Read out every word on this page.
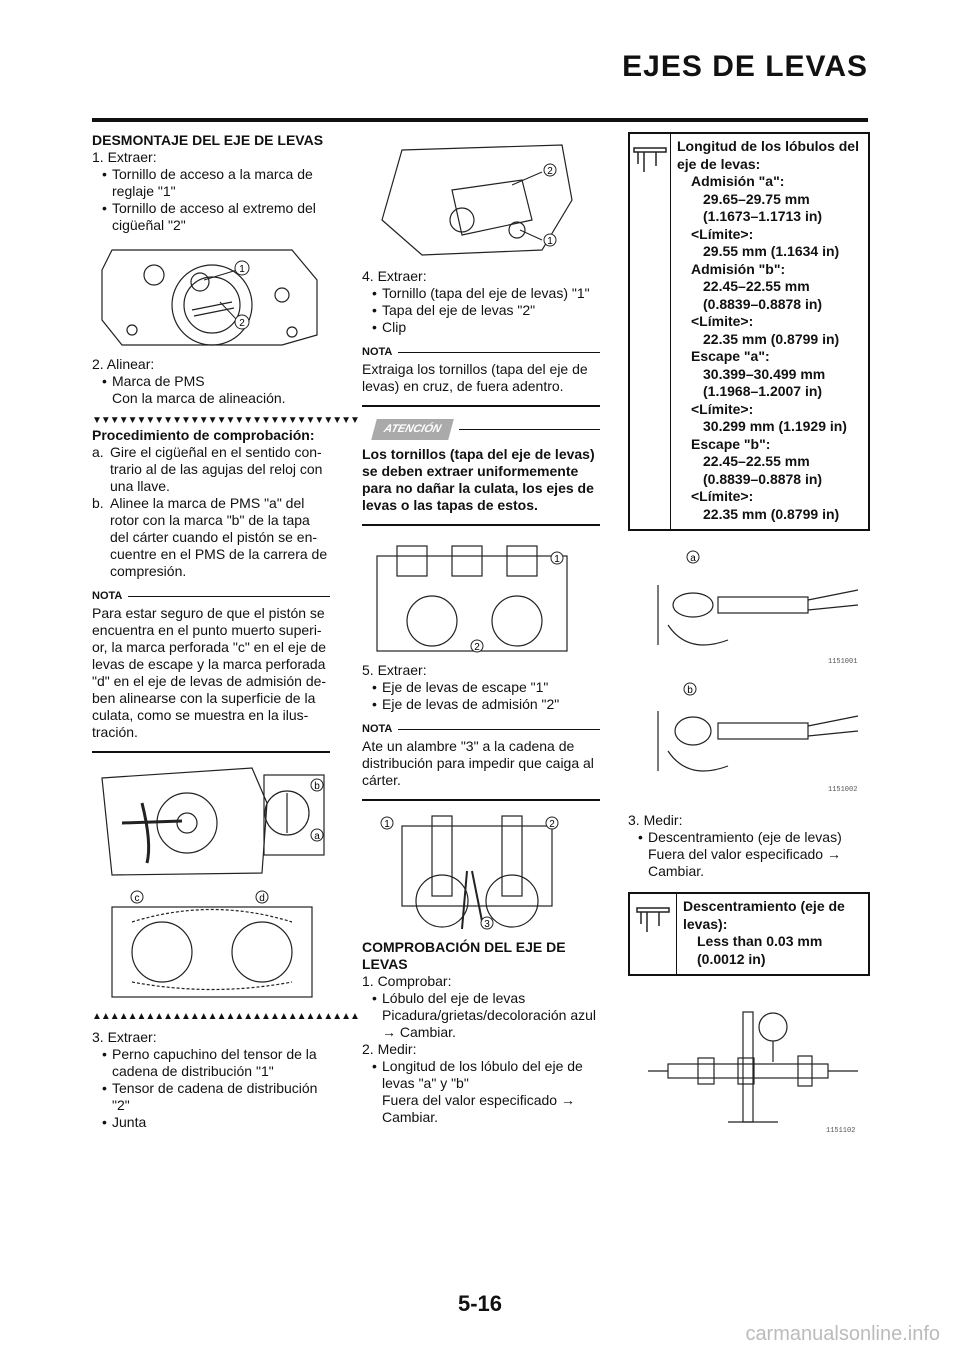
EJES DE LEVAS
DESMONTAJE DEL EJE DE LEVAS
1. Extraer:
• Tornillo de acceso a la marca de reglaje "1"
• Tornillo de acceso al extremo del cigüeñal "2"
1
2
2. Alinear:
• Marca de PMS
Con la marca de alineación.
▼▼▼▼▼▼▼▼▼▼▼▼▼▼▼▼▼▼▼▼▼▼▼▼▼▼▼▼▼▼
Procedimiento de comprobación:
a. Gire el cigüeñal en el sentido con-trario al de las agujas del reloj con una llave.
b. Alinee la marca de PMS "a" del rotor con la marca "b" de la tapa del cárter cuando el pistón se en-cuentre en el PMS de la carrera de compresión.
NOTA
Para estar seguro de que el pistón se encuentra en el punto muerto superi-or, la marca perforada "c" en el eje de levas de escape y la marca perforada "d" en el eje de levas de admisión de-ben alinearse con la superficie de la culata, como se muestra en la ilus-tración.
b
a
c	d
▲▲▲▲▲▲▲▲▲▲▲▲▲▲▲▲▲▲▲▲▲▲▲▲▲▲▲▲▲▲
3. Extraer:
• Perno capuchino del tensor de la cadena de distribución "1"
• Tensor de cadena de distribución "2"
• Junta
1
2
4. Extraer:
• Tornillo (tapa del eje de levas) "1"
• Tapa del eje de levas "2"
• Clip
NOTA
Extraiga los tornillos (tapa del eje de levas) en cruz, de fuera adentro.
ATENCIÓN
Los tornillos (tapa del eje de levas) se deben extraer uniformemente para no dañar la culata, los ejes de levas o las tapas de estos.
1
2
5. Extraer:
• Eje de levas de escape "1"
• Eje de levas de admisión "2"
NOTA
Ate un alambre "3" a la cadena de distribución para impedir que caiga al cárter.
1	2
3
COMPROBACIÓN DEL EJE DE LEVAS
1. Comprobar:
• Lóbulo del eje de levas
Picadura/grietas/decoloración azul → Cambiar.
2. Medir:
• Longitud de los lóbulo del eje de levas "a" y "b"
Fuera del valor especificado → Cambiar.
Longitud de los lóbulos del eje de levas:
Admisión "a":
29.65–29.75 mm
(1.1673–1.1713 in)
<Límite>:
29.55 mm (1.1634 in)
Admisión "b":
22.45–22.55 mm
(0.8839–0.8878 in)
<Límite>:
22.35 mm (0.8799 in)
Escape "a":
30.399–30.499 mm
(1.1968–1.2007 in)
<Límite>:
30.299 mm (1.1929 in)
Escape "b":
22.45–22.55 mm
(0.8839–0.8878 in)
<Límite>:
22.35 mm (0.8799 in)
a
1151001
b
1151002
3. Medir:
• Descentramiento (eje de levas)
Fuera del valor especificado → Cambiar.
Descentramiento (eje de levas):
Less than 0.03 mm
(0.0012 in)
1151102
5-16
carmanualsonline.info
